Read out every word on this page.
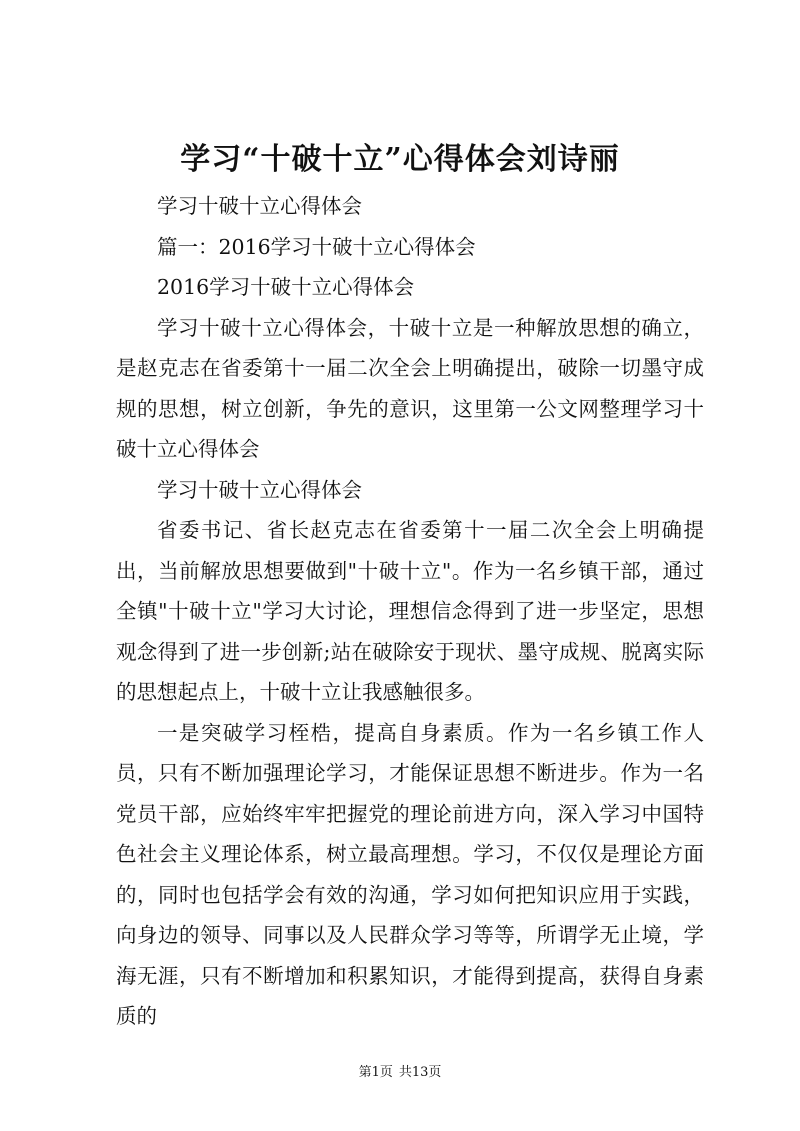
学习“十破十立”心得体会刘诗丽

学习十破十立心得体会

篇一：2016学习十破十立心得体会

2016学习十破十立心得体会

学习十破十立心得体会，十破十立是一种解放思想的确立，是赵克志在省委第十一届二次全会上明确提出，破除一切墨守成规的思想，树立创新，争先的意识，这里第一公文网整理学习十破十立心得体会

学习十破十立心得体会

省委书记、省长赵克志在省委第十一届二次全会上明确提出，当前解放思想要做到"十破十立"。作为一名乡镇干部，通过全镇"十破十立"学习大讨论，理想信念得到了进一步坚定，思想观念得到了进一步创新;站在破除安于现状、墨守成规、脱离实际的思想起点上，十破十立让我感触很多。

一是突破学习桎梏，提高自身素质。作为一名乡镇工作人员，只有不断加强理论学习，才能保证思想不断进步。作为一名党员干部，应始终牢牢把握党的理论前进方向，深入学习中国特色社会主义理论体系，树立最高理想。学习，不仅仅是理论方面的，同时也包括学会有效的沟通，学习如何把知识应用于实践，向身边的领导、同事以及人民群众学习等等，所谓学无止境，学海无涯，只有不断增加和积累知识，才能得到提高，获得自身素质的

第1页 共13页
